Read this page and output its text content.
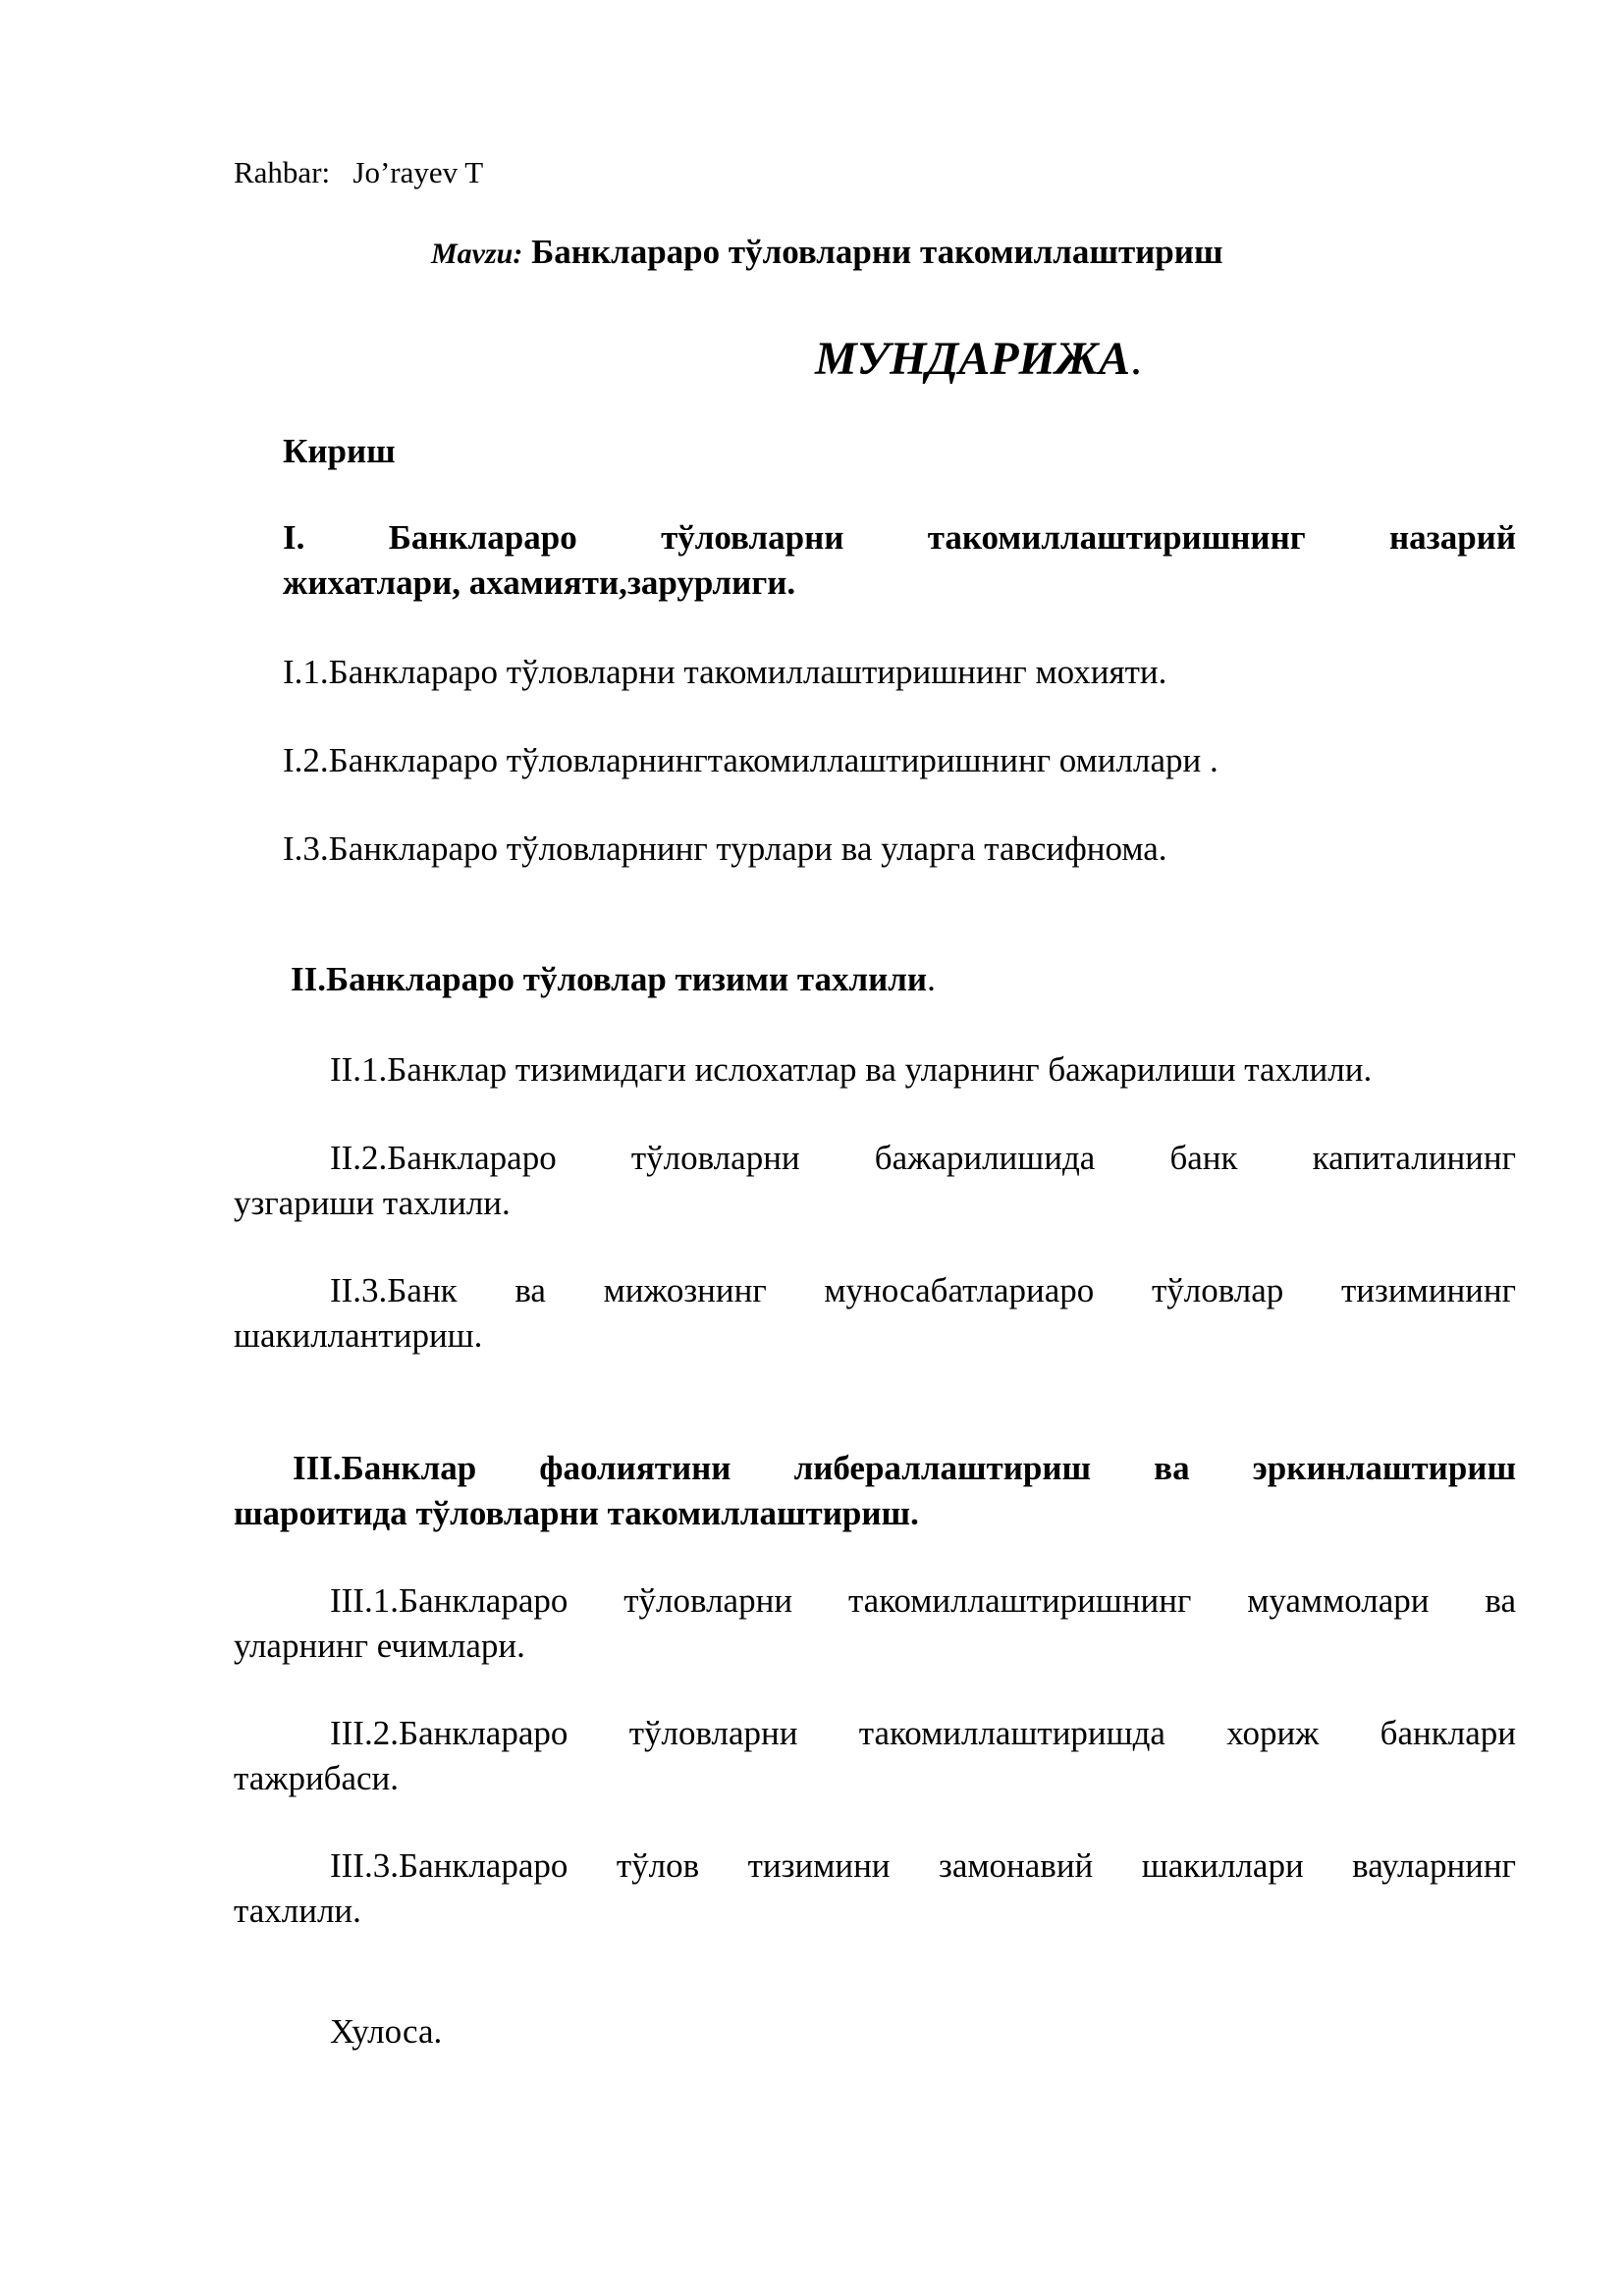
Rahbar: Jo’rayev T
Mavzu: Банклараро тўловларни такомиллаштириш
МУНДАРИЖА.
Кириш
I. Банклараро тўловларни такомиллаштиришнинг назарий
жихатлари, ахамияти,зарурлиги.
I.1.Банклараро тўловларни такомиллаштиришнинг мохияти.
I.2.Банклараро тўловларнингтакомиллаштиришнинг омиллари .
I.3.Банклараро тўловларнинг турлари ва уларга тавсифнома.
II.Банклараро тўловлар тизими тахлили.
II.1.Банклар тизимидаги ислохатлар ва уларнинг бажарилиши тахлили.
II.2.Банклараро тўловларни бажарилишида банк капиталининг
узгариши тахлили.
II.3.Банк ва мижознинг муносабатлариаро тўловлар тизимининг
шакиллантириш.
III.Банклар фаолиятини либераллаштириш ва эркинлаштириш
шароитида тўловларни такомиллаштириш.
III.1.Банклараро тўловларни такомиллаштиришнинг муаммолари ва
уларнинг ечимлари.
III.2.Банклараро тўловларни такомиллаштиришда хориж банклари
тажрибаси.
III.3.Банклараро тўлов тизимини замонавий шакиллари вауларнинг
тахлили.
Хулоса.
